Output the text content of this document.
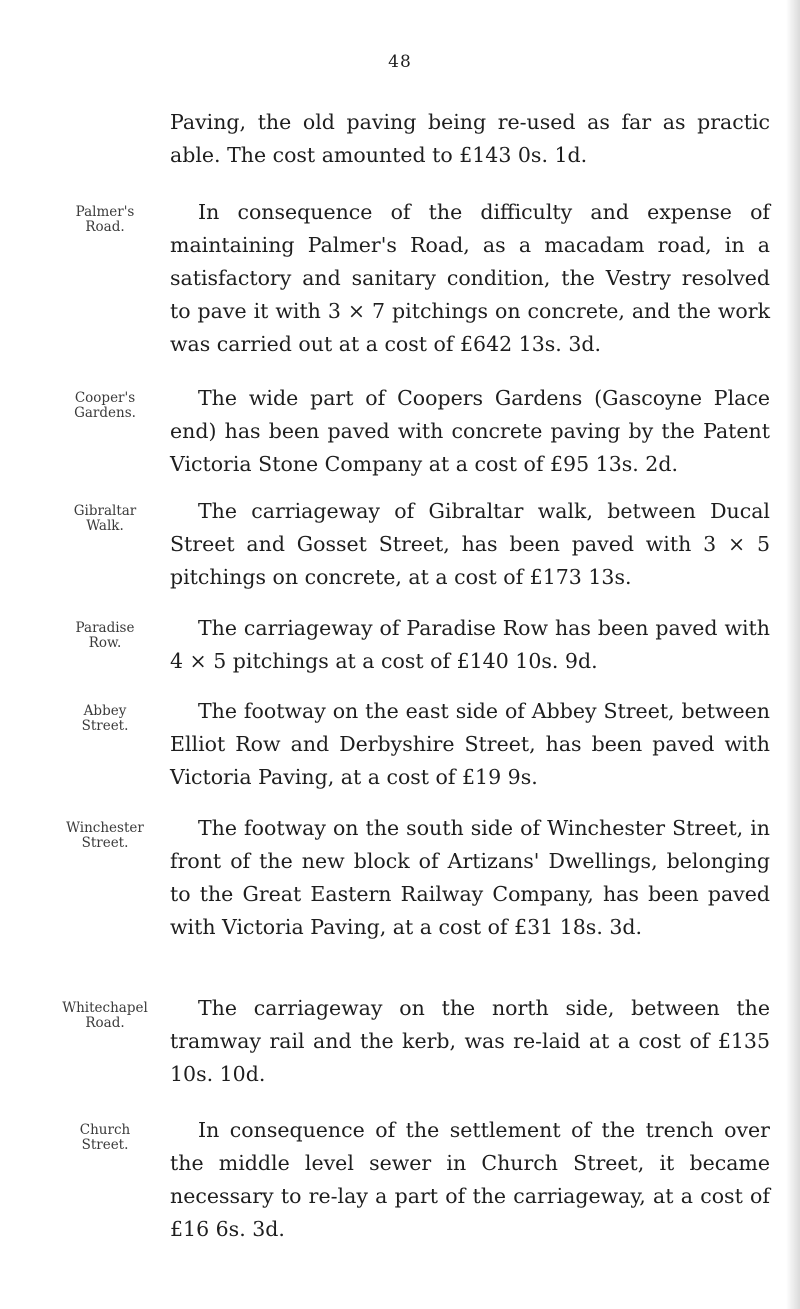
48
Paving, the old paving being re-used as far as practic able. The cost amounted to £143 0s. 1d.
Palmer's
Road.
In consequence of the difficulty and expense of maintaining Palmer's Road, as a macadam road, in a satisfactory and sanitary condition, the Vestry resolved to pave it with 3 × 7 pitchings on concrete, and the work was carried out at a cost of £642 13s. 3d.
Cooper's
Gardens.
The wide part of Coopers Gardens (Gascoyne Place end) has been paved with concrete paving by the Patent Victoria Stone Company at a cost of £95 13s. 2d.
Gibraltar
Walk.
The carriageway of Gibraltar walk, between Ducal Street and Gosset Street, has been paved with 3 × 5 pitchings on concrete, at a cost of £173 13s.
Paradise
Row.
The carriageway of Paradise Row has been paved with 4 × 5 pitchings at a cost of £140 10s. 9d.
Abbey
Street.
The footway on the east side of Abbey Street, between Elliot Row and Derbyshire Street, has been paved with Victoria Paving, at a cost of £19 9s.
Winchester
Street.
The footway on the south side of Winchester Street, in front of the new block of Artizans' Dwellings, belonging to the Great Eastern Railway Company, has been paved with Victoria Paving, at a cost of £31 18s. 3d.
Whitechapel
Road.
The carriageway on the north side, between the tramway rail and the kerb, was re-laid at a cost of £135 10s. 10d.
Church
Street.
In consequence of the settlement of the trench over the middle level sewer in Church Street, it became necessary to re-lay a part of the carriageway, at a cost of £16 6s. 3d.
